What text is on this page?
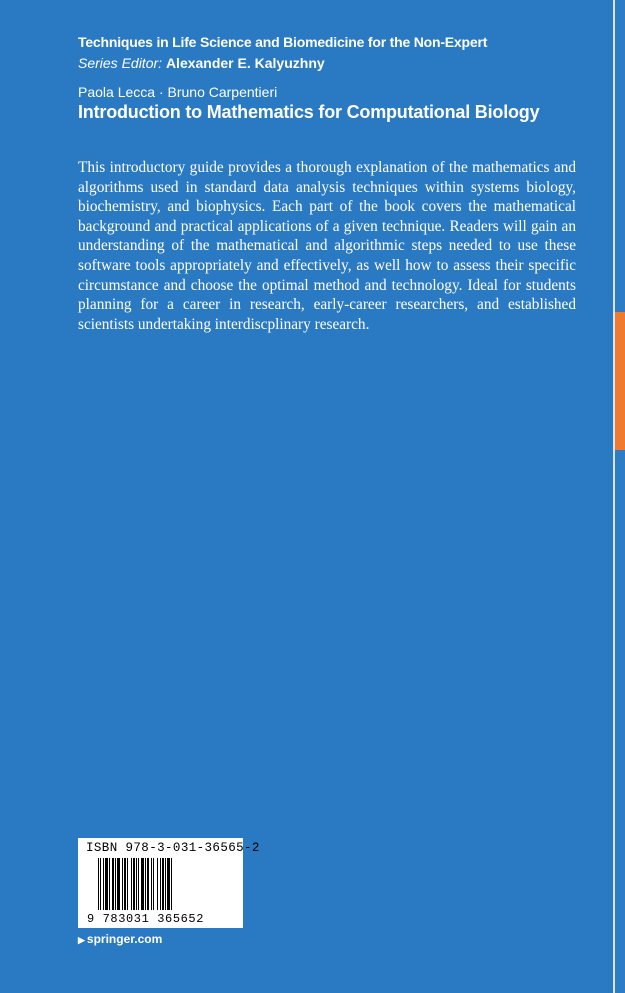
Techniques in Life Science and Biomedicine for the Non-Expert
Series Editor: Alexander E. Kalyuzhny
Paola Lecca · Bruno Carpentieri
Introduction to Mathematics for Computational Biology

This introductory guide provides a thorough explanation of the mathematics and algorithms used in standard data analysis techniques within systems biology, biochemistry, and biophysics. Each part of the book covers the mathematical background and practical applications of a given technique. Readers will gain an understanding of the mathematical and algorithmic steps needed to use these software tools appropriately and effectively, as well how to assess their specific circumstance and choose the optimal method and technology. Ideal for students planning for a career in research, early-career researchers, and established scientists undertaking interdiscplinary research.

ISBN 978-3-031-36565-2
9 783031 365652
▶ springer.com
